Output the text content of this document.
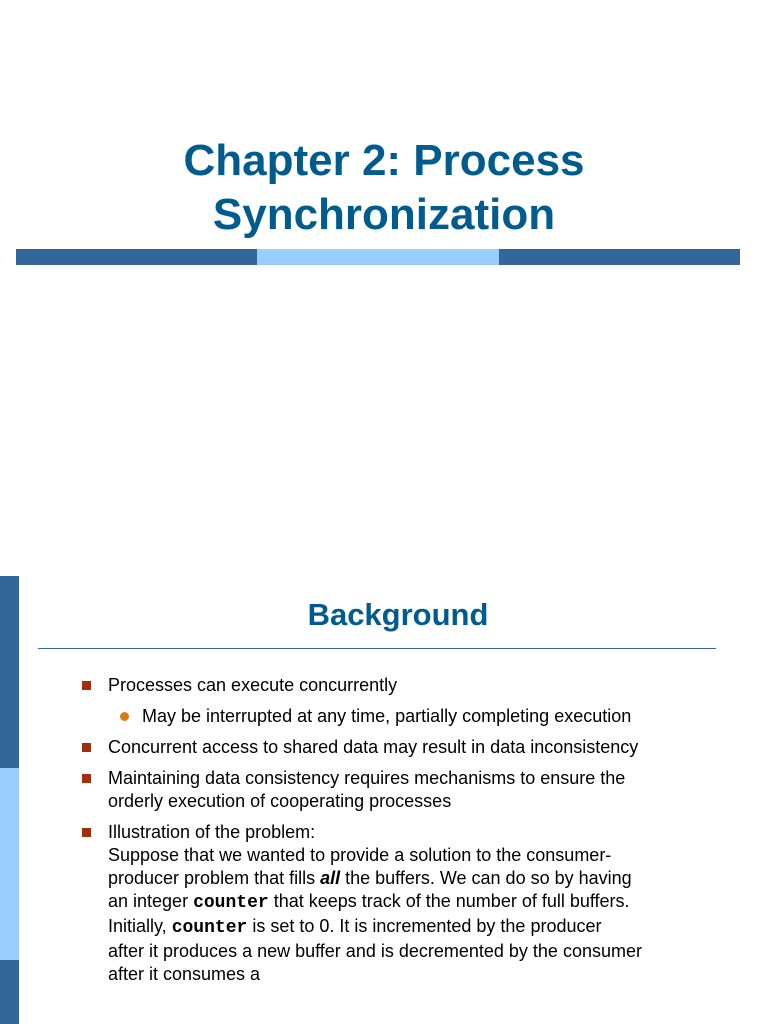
Chapter 2: Process
Synchronization
Background
Processes can execute concurrently
May be interrupted at any time, partially completing execution
Concurrent access to shared data may result in data inconsistency
Maintaining data consistency requires mechanisms to ensure the orderly execution of cooperating processes
Illustration of the problem:
Suppose that we wanted to provide a solution to the consumer-producer problem that fills all the buffers. We can do so by having an integer counter that keeps track of the number of full buffers. Initially, counter is set to 0. It is incremented by the producer after it produces a new buffer and is decremented by the consumer after it consumes a
